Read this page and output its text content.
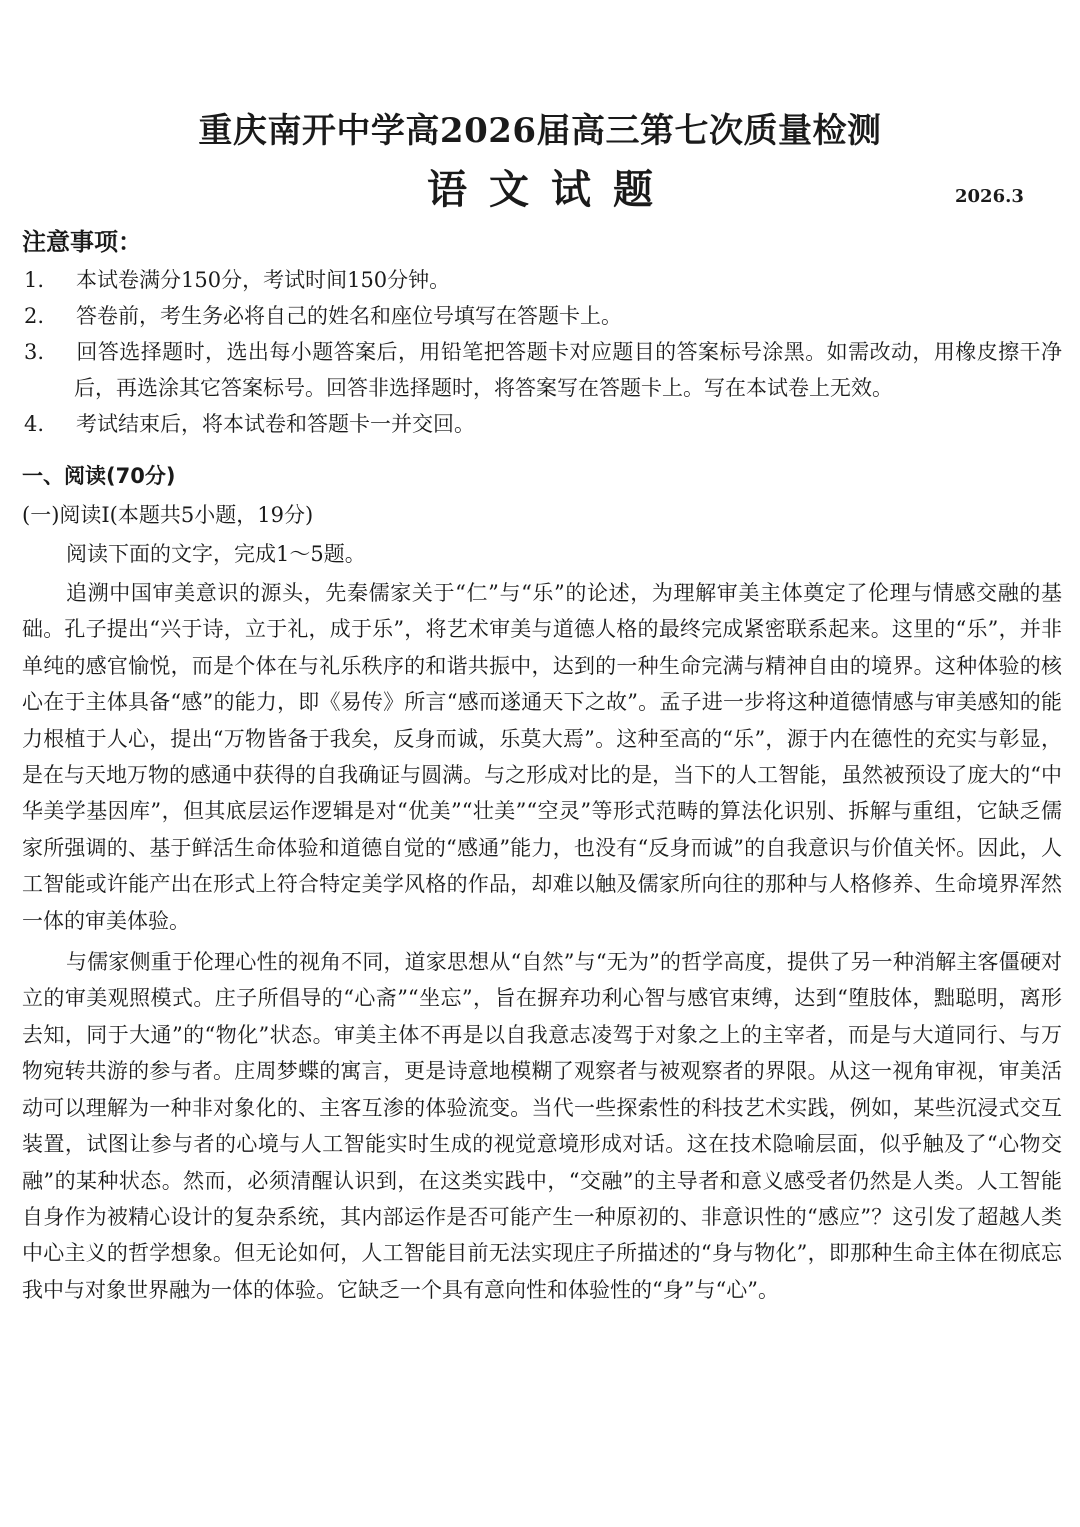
重庆南开中学高2026届高三第七次质量检测
语文试题	2026.3
注意事项：

1. 本试卷满分150分，考试时间150分钟。

2. 答卷前，考生务必将自己的姓名和座位号填写在答题卡上。

3. 回答选择题时，选出每小题答案后，用铅笔把答题卡对应题目的答案标号涂黑。如需改动，用橡皮擦干净后，再选涂其它答案标号。回答非选择题时，将答案写在答题卡上。写在本试卷上无效。

4. 考试结束后，将本试卷和答题卡一并交回。

一、阅读(70分)
(一)阅读Ⅰ(本题共5小题，19分)
阅读下面的文字，完成1～5题。

追溯中国审美意识的源头，先秦儒家关于“仁”与“乐”的论述，为理解审美主体奠定了伦理与情感交融的基础。孔子提出“兴于诗，立于礼，成于乐”，将艺术审美与道德人格的最终完成紧密联系起来。这里的“乐”，并非单纯的感官愉悦，而是个体在与礼乐秩序的和谐共振中，达到的一种生命完满与精神自由的境界。这种体验的核心在于主体具备“感”的能力，即《易传》所言“感而遂通天下之故”。孟子进一步将这种道德情感与审美感知的能力根植于人心，提出“万物皆备于我矣，反身而诚，乐莫大焉”。这种至高的“乐”，源于内在德性的充实与彰显，是在与天地万物的感通中获得的自我确证与圆满。与之形成对比的是，当下的人工智能，虽然被预设了庞大的“中华美学基因库”，但其底层运作逻辑是对“优美”“壮美”“空灵”等形式范畴的算法化识别、拆解与重组，它缺乏儒家所强调的、基于鲜活生命体验和道德自觉的“感通”能力，也没有“反身而诚”的自我意识与价值关怀。因此，人工智能或许能产出在形式上符合特定美学风格的作品，却难以触及儒家所向往的那种与人格修养、生命境界浑然一体的审美体验。

与儒家侧重于伦理心性的视角不同，道家思想从“自然”与“无为”的哲学高度，提供了另一种消解主客僵硬对立的审美观照模式。庄子所倡导的“心斋”“坐忘”，旨在摒弃功利心智与感官束缚，达到“堕肢体，黜聪明，离形去知，同于大通”的“物化”状态。审美主体不再是以自我意志凌驾于对象之上的主宰者，而是与大道同行、与万物宛转共游的参与者。庄周梦蝶的寓言，更是诗意地模糊了观察者与被观察者的界限。从这一视角审视，审美活动可以理解为一种非对象化的、主客互渗的体验流变。当代一些探索性的科技艺术实践，例如，某些沉浸式交互装置，试图让参与者的心境与人工智能实时生成的视觉意境形成对话。这在技术隐喻层面，似乎触及了“心物交融”的某种状态。然而，必须清醒认识到，在这类实践中，“交融”的主导者和意义感受者仍然是人类。人工智能自身作为被精心设计的复杂系统，其内部运作是否可能产生一种原初的、非意识性的“感应”？这引发了超越人类中心主义的哲学想象。但无论如何，人工智能目前无法实现庄子所描述的“身与物化”，即那种生命主体在彻底忘我中与对象世界融为一体的体验。它缺乏一个具有意向性和体验性的“身”与“心”。
